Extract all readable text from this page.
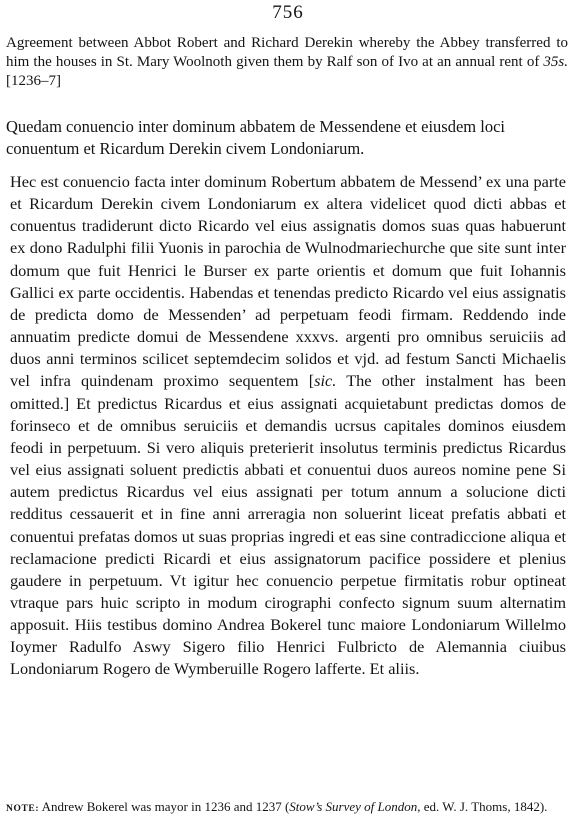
756
Agreement between Abbot Robert and Richard Derekin whereby the Abbey transferred to him the houses in St. Mary Woolnoth given them by Ralf son of Ivo at an annual rent of 35s. [1236–7]
Quedam conuencio inter dominum abbatem de Messendene et eiusdem loci conuentum et Ricardum Derekin civem Londoniarum.
Hec est conuencio facta inter dominum Robertum abbatem de Messend’ ex una parte et Ricardum Derekin civem Londoniarum ex altera videlicet quod dicti abbas et conuentus tradiderunt dicto Ricardo vel eius assignatis domos suas quas habuerunt ex dono Radulphi filii Yuonis in parochia de Wulnodmariechurche que site sunt inter domum que fuit Henrici le Burser ex parte orientis et domum que fuit Iohannis Gallici ex parte occidentis. Habendas et tenendas predicto Ricardo vel eius assignatis de predicta domo de Messenden’ ad perpetuam feodi firmam. Reddendo inde annuatim predicte domui de Messendene xxxvs. argenti pro omnibus seruiciis ad duos anni terminos scilicet septemdecim solidos et vjd. ad festum Sancti Michaelis vel infra quindenam proximo sequentem [sic. The other instalment has been omitted.] Et predictus Ricardus et eius assignati acquietabunt predictas domos de forinseco et de omnibus seruiciis et demandis ucrsus capitales dominos eiusdem feodi in perpetuum. Si vero aliquis preterierit insolutus terminis predictus Ricardus vel eius assignati soluent predictis abbati et conuentui duos aureos nomine pene Si autem predictus Ricardus vel eius assignati per totum annum a solucione dicti redditus cessauerit et in fine anni arreragia non soluerint liceat prefatis abbati et conuentui prefatas domos ut suas proprias ingredi et eas sine contradiccione aliqua et reclamacione predicti Ricardi et eius assignatorum pacifice possidere et plenius gaudere in perpetuum. Vt igitur hec conuencio perpetue firmitatis robur optineat vtraque pars huic scripto in modum cirographi confecto signum suum alternatim apposuit. Hiis testibus domino Andrea Bokerel tunc maiore Londoniarum Willelmo Ioymer Radulfo Aswy Sigero filio Henrici Fulbricto de Alemannia ciuibus Londoniarum Rogero de Wymberuille Rogero lafferte. Et aliis.
NOTE: Andrew Bokerel was mayor in 1236 and 1237 (Stow’s Survey of London, ed. W. J. Thoms, 1842).
